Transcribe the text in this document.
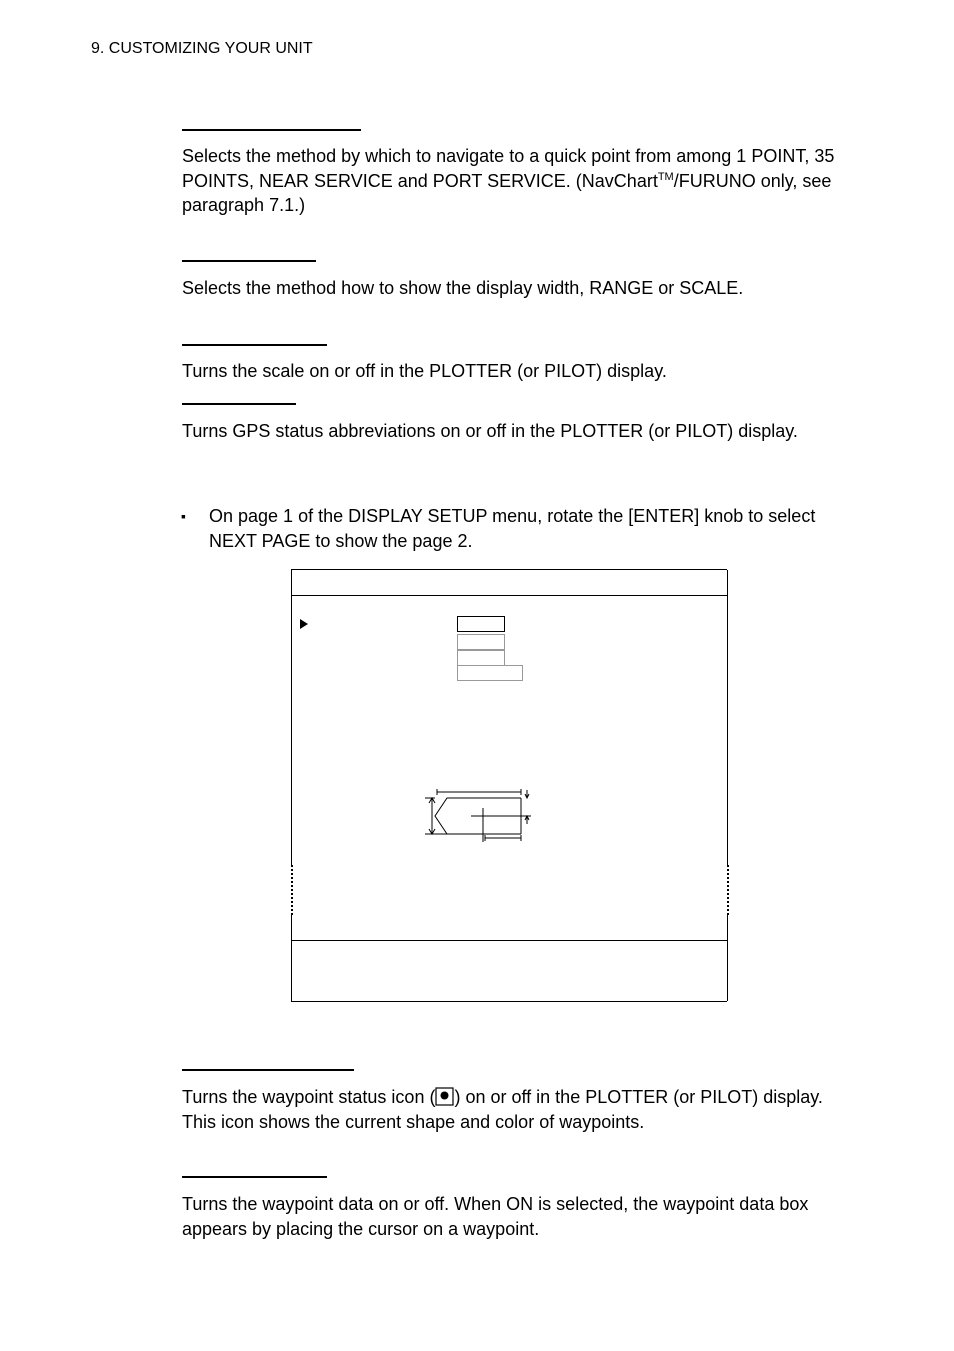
9. CUSTOMIZING YOUR UNIT
Selects the method by which to navigate to a quick point from among 1 POINT, 35 POINTS, NEAR SERVICE and PORT SERVICE. (NavChart™/FURUNO only, see paragraph 7.1.)
Selects the method how to show the display width, RANGE or SCALE.
Turns the scale on or off in the PLOTTER (or PILOT) display.
Turns GPS status abbreviations on or off in the PLOTTER (or PILOT) display.
▪ On page 1 of the DISPLAY SETUP menu, rotate the [ENTER] knob to select NEXT PAGE to show the page 2.
Turns the waypoint status icon ( ) on or off in the PLOTTER (or PILOT) display. This icon shows the current shape and color of waypoints.
Turns the waypoint data on or off. When ON is selected, the waypoint data box appears by placing the cursor on a waypoint.
